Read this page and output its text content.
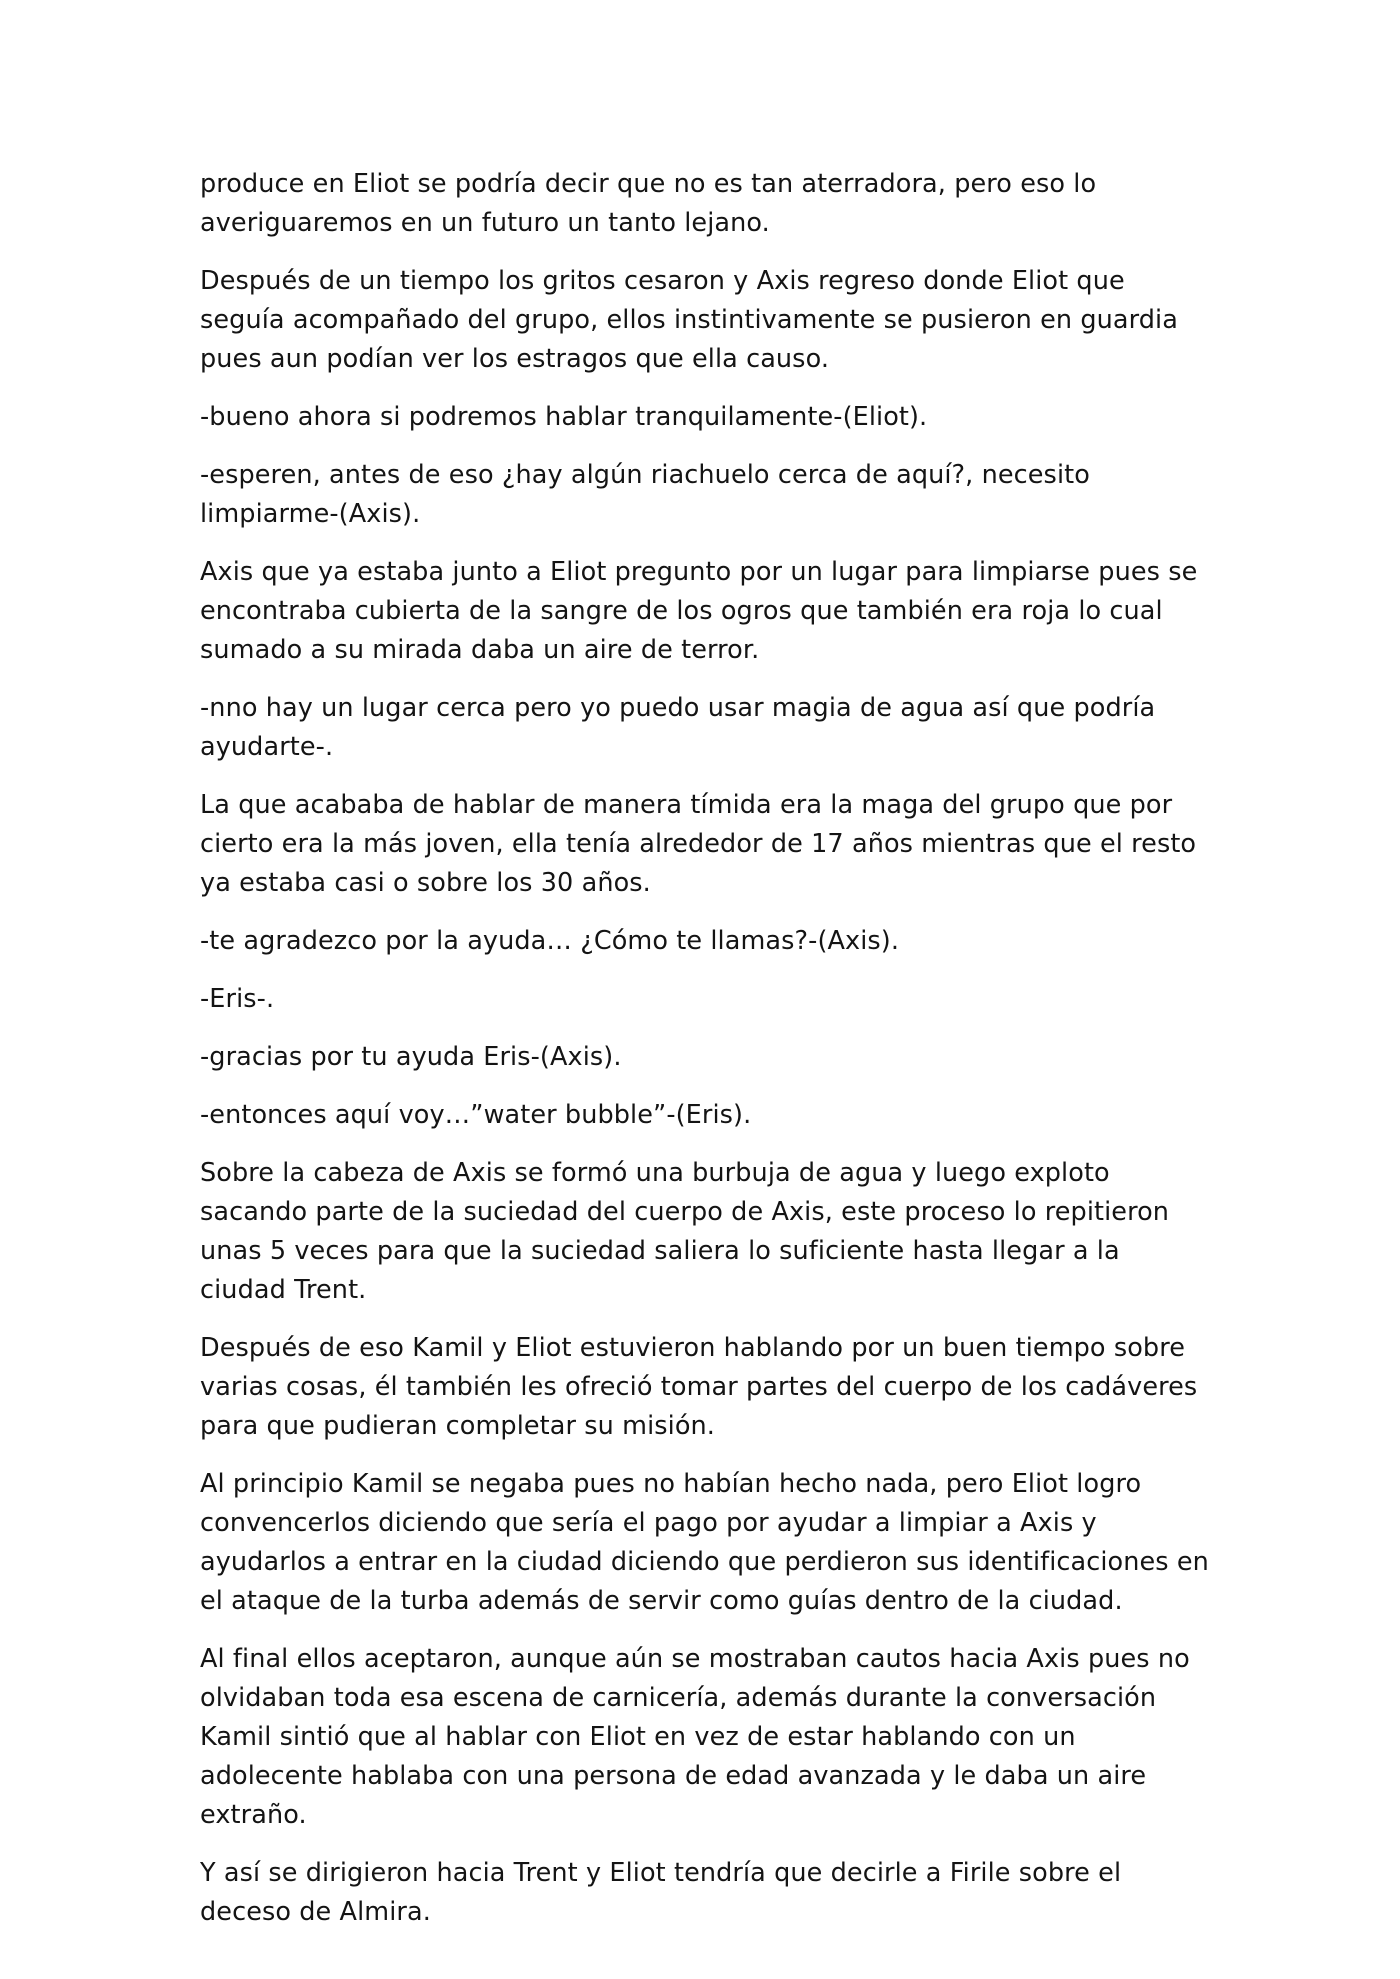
produce en Eliot se podría decir que no es tan aterradora, pero eso lo averiguaremos en un futuro un tanto lejano.

Después de un tiempo los gritos cesaron y Axis regreso donde Eliot que seguía acompañado del grupo, ellos instintivamente se pusieron en guardia pues aun podían ver los estragos que ella causo.

-bueno ahora si podremos hablar tranquilamente-(Eliot).

-esperen, antes de eso ¿hay algún riachuelo cerca de aquí?, necesito limpiarme-(Axis).

Axis que ya estaba junto a Eliot pregunto por un lugar para limpiarse pues se encontraba cubierta de la sangre de los ogros que también era roja lo cual sumado a su mirada daba un aire de terror.

-nno hay un lugar cerca pero yo puedo usar magia de agua así que podría ayudarte-.

La que acababa de hablar de manera tímida era la maga del grupo que por cierto era la más joven, ella tenía alrededor de 17 años mientras que el resto ya estaba casi o sobre los 30 años.

-te agradezco por la ayuda… ¿Cómo te llamas?-(Axis).

-Eris-.

-gracias por tu ayuda Eris-(Axis).

-entonces aquí voy…”water bubble”-(Eris).

Sobre la cabeza de Axis se formó una burbuja de agua y luego exploto sacando parte de la suciedad del cuerpo de Axis, este proceso lo repitieron unas 5 veces para que la suciedad saliera lo suficiente hasta llegar a la ciudad Trent.

Después de eso Kamil y Eliot estuvieron hablando por un buen tiempo sobre varias cosas, él también les ofreció tomar partes del cuerpo de los cadáveres para que pudieran completar su misión.

Al principio Kamil se negaba pues no habían hecho nada, pero Eliot logro convencerlos diciendo que sería el pago por ayudar a limpiar a Axis y ayudarlos a entrar en la ciudad diciendo que perdieron sus identificaciones en el ataque de la turba además de servir como guías dentro de la ciudad.

Al final ellos aceptaron, aunque aún se mostraban cautos hacia Axis pues no olvidaban toda esa escena de carnicería, además durante la conversación Kamil sintió que al hablar con Eliot en vez de estar hablando con un adolecente hablaba con una persona de edad avanzada y le daba un aire extraño.

Y así se dirigieron hacia Trent y Eliot tendría que decirle a Firile sobre el deceso de Almira.
